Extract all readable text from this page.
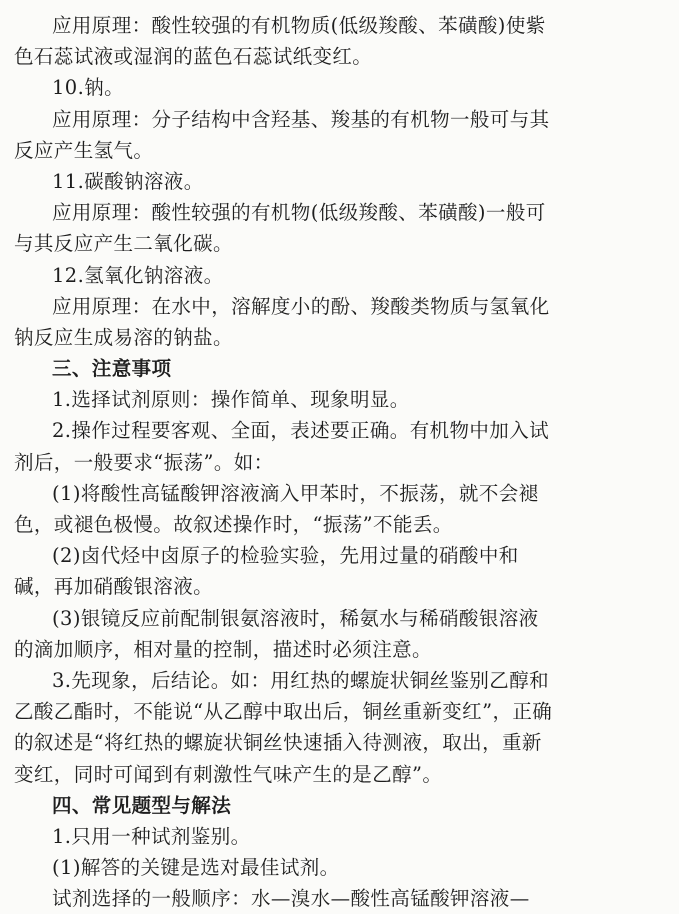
应用原理：酸性较强的有机物质(低级羧酸、苯磺酸)使紫
色石蕊试液或湿润的蓝色石蕊试纸变红。
10.钠。
应用原理：分子结构中含羟基、羧基的有机物一般可与其
反应产生氢气。
11.碳酸钠溶液。
应用原理：酸性较强的有机物(低级羧酸、苯磺酸)一般可
与其反应产生二氧化碳。
12.氢氧化钠溶液。
应用原理：在水中，溶解度小的酚、羧酸类物质与氢氧化
钠反应生成易溶的钠盐。
三、注意事项
1.选择试剂原则：操作简单、现象明显。
2.操作过程要客观、全面，表述要正确。有机物中加入试
剂后，一般要求“振荡”。如：
(1)将酸性高锰酸钾溶液滴入甲苯时，不振荡，就不会褪
色，或褪色极慢。故叙述操作时，“振荡”不能丢。
(2)卤代烃中卤原子的检验实验，先用过量的硝酸中和
碱，再加硝酸银溶液。
(3)银镜反应前配制银氨溶液时，稀氨水与稀硝酸银溶液
的滴加顺序，相对量的控制，描述时必须注意。
3.先现象，后结论。如：用红热的螺旋状铜丝鉴别乙醇和
乙酸乙酯时，不能说“从乙醇中取出后，铜丝重新变红”，正确
的叙述是“将红热的螺旋状铜丝快速插入待测液，取出，重新
变红，同时可闻到有刺激性气味产生的是乙醇”。
四、常见题型与解法
1.只用一种试剂鉴别。
(1)解答的关键是选对最佳试剂。
试剂选择的一般顺序：水—溴水—酸性高锰酸钾溶液—
